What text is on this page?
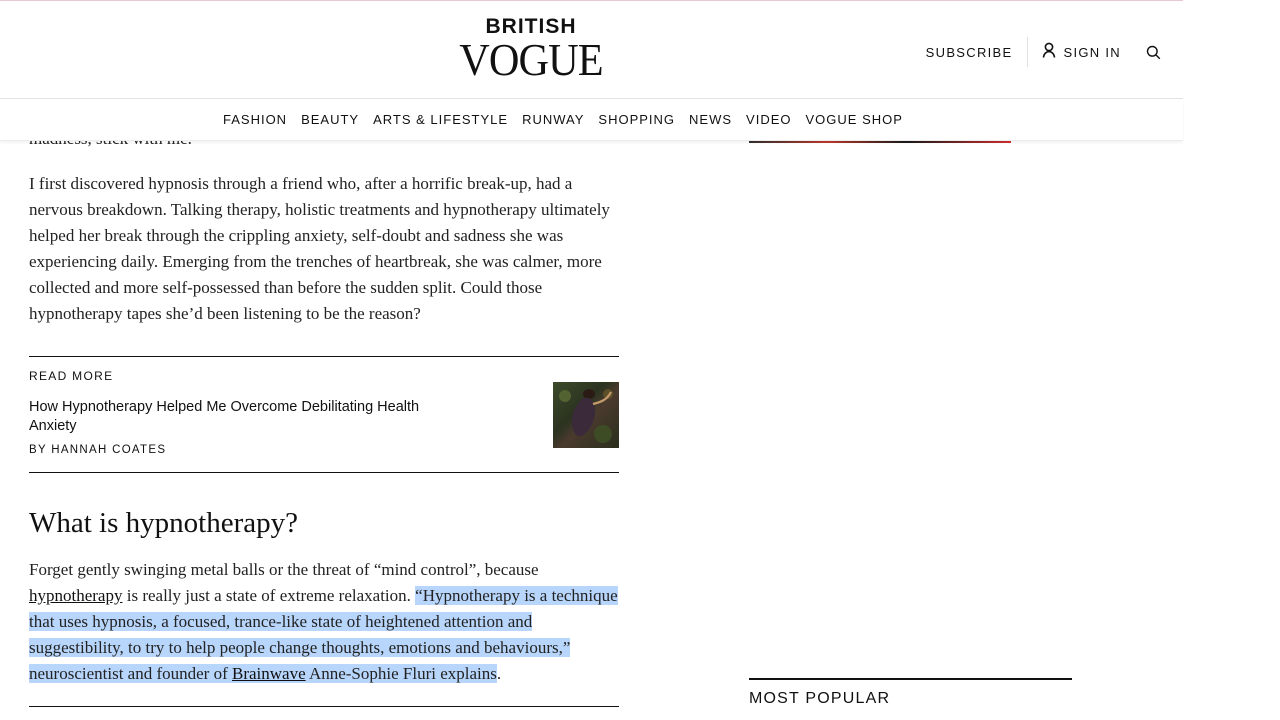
BRITISH
VOGUE	SUBSCRIBE	SIGN IN
FASHION BEAUTY ARTS & LIFESTYLE RUNWAY SHOPPING NEWS VIDEO VOGUE SHOP

I first discovered hypnosis through a friend who, after a horrific break-up, had a nervous breakdown. Talking therapy, holistic treatments and hypnotherapy ultimately helped her break through the crippling anxiety, self-doubt and sadness she was experiencing daily. Emerging from the trenches of heartbreak, she was calmer, more collected and more self-possessed than before the sudden split. Could those hypnotherapy tapes she’d been listening to be the reason?

READ MORE
How Hypnotherapy Helped Me Overcome Debilitating Health Anxiety
BY HANNAH COATES
What is hypnotherapy?

Forget gently swinging metal balls or the threat of “mind control”, because hypnotherapy is really just a state of extreme relaxation. “Hypnotherapy is a technique that uses hypnosis, a focused, trance-like state of heightened attention and suggestibility, to try to help people change thoughts, emotions and behaviours,” neuroscientist and founder of Brainwave Anne-Sophie Fluri explains.

MOST POPULAR
